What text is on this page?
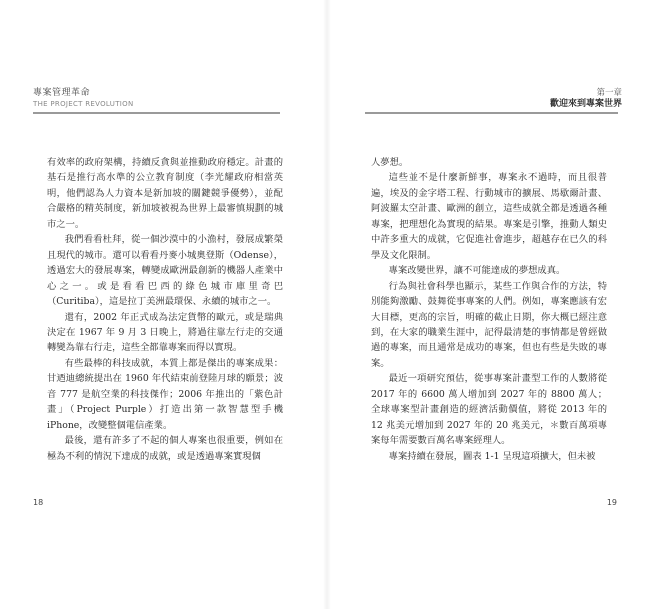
專案管理革命
THE PROJECT REVOLUTION

有效率的政府架構，持續反貪與並推動政府穩定。計畫的基石是推行高水準的公立教育制度（李光耀政府相當英明，他們認為人力資本是新加坡的關鍵競爭優勢），並配合嚴格的精英制度，新加坡被視為世界上最審慎規劃的城市之一。

我們看看杜拜，從一個沙漠中的小漁村，發展成繁榮且現代的城市。還可以看看丹麥小城奧登斯（Odense），透過宏大的發展專案，轉變成歐洲最創新的機器人產業中心之一。或是看看巴西的綠色城市庫里奇巴（Curitiba），這是拉丁美洲最環保、永續的城市之一。

還有，2002 年正式成為法定貨幣的歐元，或是瑞典決定在 1967 年 9 月 3 日晚上，將過往靠左行走的交通轉變為靠右行走，這些全都靠專案而得以實現。

有些最棒的科技成就，本質上都是傑出的專案成果：甘迺迪總統提出在 1960 年代結束前登陸月球的願景；波音 777 是航空業的科技傑作；2006 年推出的「紫色計畫」（Project Purple）打造出第一款智慧型手機 iPhone，改變整個電信產業。

最後，還有許多了不起的個人專案也很重要，例如在極為不利的情況下達成的成就，或是透過專案實現個

18
第一章
歡迎來到專案世界

人夢想。

這些並不是什麼新鮮事，專案永不過時，而且很普遍，埃及的金字塔工程、行動城市的擴展、馬歇爾計畫、阿波羅太空計畫、歐洲的創立，這些成就全都是透過各種專案，把理想化為實現的結果。專案是引擎，推動人類史中許多重大的成就，它促進社會進步，超越存在已久的科學及文化限制。

專案改變世界，讓不可能達成的夢想成真。

行為與社會科學也顯示，某些工作與合作的方法，特別能夠激勵、鼓舞從事專案的人們。例如，專案應該有宏大目標，更高的宗旨，明確的截止日期，你大概已經注意到，在大家的職業生涯中，記得最清楚的事情都是曾經做過的專案，而且通常是成功的專案，但也有些是失敗的專案。

最近一項研究預估，從事專案計畫型工作的人數將從 2017 年的 6600 萬人增加到 2027 年的 8800 萬人；全球專案型計畫創造的經濟活動價值，將從 2013 年的 12 兆美元增加到 2027 年的 20 兆美元，＊數百萬項專案每年需要數百萬名專案經理人。

專案持續在發展，圖表 1-1 呈現這項擴大，但未被

19
